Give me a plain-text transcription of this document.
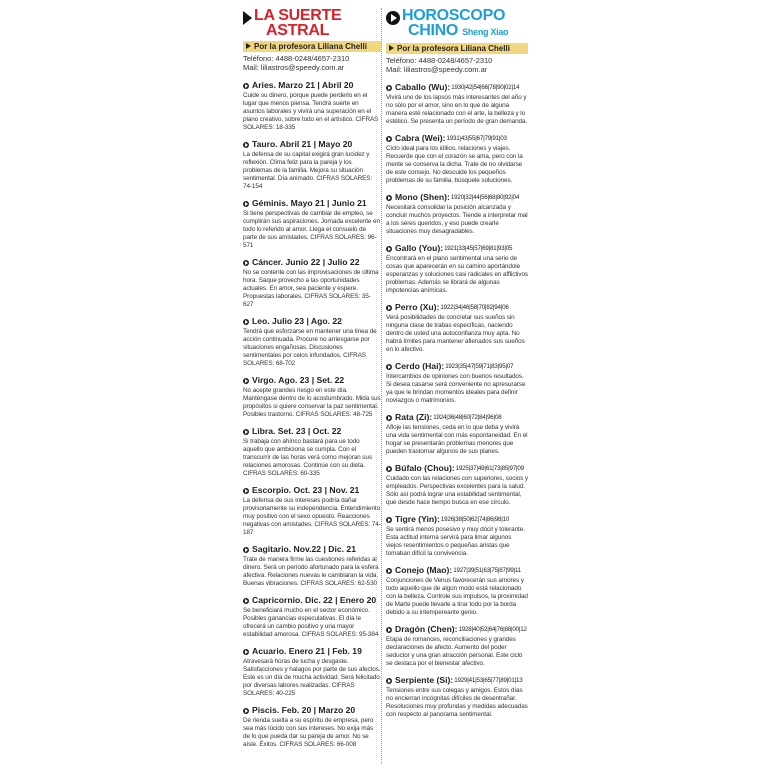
LA SUERTE
ASTRAL
Por la profesora Liliana Chelli
Teléfono: 4488-0248/4657-2310
Mail: liliastros@speedy.com.ar
Aries. Marzo 21 | Abril 20
Cuide su dinero, porque puede perderlo en el lugar que menos piensa. Tendrá suerte en asuntos laborales y vivirá una superación en el plano creativo, sobre todo en el artístico. CIFRAS SOLARES: 18-335
Tauro. Abril 21 | Mayo 20
La defensa de su capital exigirá gran lucidez y reflexión. Clima feliz para la pareja y los problemas de la familia. Mejora su situación sentimental. Día animado. CIFRAS SOLARES: 74-154
Géminis. Mayo 21 | Junio 21
Si tiene perspectivas de cambiar de empleo, se cumplirán sus aspiraciones. Jornada excelente en todo lo referido al amor. Llega el consuelo de parte de sus amistades. CIFRAS SOLARES: 96-571
Cáncer. Junio 22 | Julio 22
No se contente con las improvisaciones de última hora. Saque provecho a las oportunidades actuales. En amor, sea paciente y espere. Propuestas laborales. CIFRAS SOLARES: 35-627
Leo. Julio 23 | Ago. 22
Tendrá que esforzarse en mantener una línea de acción continuada. Procure no arriesgarse por situaciones engañosas. Discusiones sentimentales por celos infundados. CIFRAS SOLARES: 68-702
Virgo. Ago. 23 | Set. 22
No acepte grandes riesgo en este día. Manténgase dentro de lo acostumbrado. Mida sus propósitos si quiere conservar la paz sentimental. Posibles trastorno. CIFRAS SOLARES: 48-725
Libra. Set. 23 | Oct. 22
Si trabaja con ahínco bastará para ue todo aquello que ambiciona se cumpla. Con el transcurrir de las horas verá como mejoran sus relaciones amorosas. Continúe con su dieta. CIFRAS SOLARES: 60-335
Escorpio. Oct. 23 | Nov. 21
La defensa de sus intereses podría dañar provisoriamente su independencia. Entendimiento muy positivo con el sexo opuesto. Reacciones negativas con amistades. CIFRAS SOLARES: 74-187
Sagitario. Nov.22 | Dic. 21
Trate de manera firme las cuestiones referidas al dinero. Será un período afortunado para la esfera afectiva. Relaciones nuevas le cambiaran la vida. Buenas vibraciones. CIFRAS SOLARES: 62-530
Capricornio. Dic. 22 | Enero 20
Se beneficiará mucho en el sector económico. Posibles ganancias especulativas. El día le ofrecerá un cambio positivo y una mayor estabilidad amorosa. CIFRAS SOLARES: 95-384
Acuario. Enero 21 | Feb. 19
Atravesará horas de lucha y desgaste. Satisfacciones y halagos por parte de sus afectos. Este es un día de mucha actividad. Será felicitado por diversas labores realizadas. CIFRAS SOLARES: 40-225
Piscis. Feb. 20 | Marzo 20
Dé rienda suelta a su espíritu de empresa, pero sea más lúcido con sus intereses. No exija más de lo que pueda dar su pareja de amor. No se aísle. Éxitos. CIFRAS SOLARES: 66-008
HOROSCOPO
CHINO Sheng Xiao
Por la profesora Liliana Chelli
Teléfono: 4488-0248/4657-2310
Mail: liliastros@speedy.com.ar
Caballo (Wu): 1930|42|54|66|78|90|02|14
Vivirá uno de los lapsos más interesantes del año y no sólo por el amor, sino en lo que de alguna manera esté relacionado con el arte, la belleza y lo estético. Se presenta un período de gran demanda.
Cabra (Wei): 1931|43|55|67|79|91|03
Ciclo ideal para los idilios, relaciones y viajes. Recuerde que con el corazón se ama, pero con la mente se conserva la dicha. Trate de no olvidarse de este consejo. No descuide los pequeños problemas de su familia, búsquele soluciones.
Mono (Shen): 1920|32|44|56|68|80|92|04
Necesitará consolidar la posición alcanzada y concluir muchos proyectos. Tiende a interpretar mal a los seres queridos, y eso puede crearle situaciones muy desagradables.
Gallo (You): 1921|33|45|57|69|81|93|05
Encontrará en el plano sentimental una serie de cosas que aparecerán en su camino aportándole esperanzas y soluciones casi radicales en afflictivos problemas. Además se librará de algunas impotencias anímicas.
Perro (Xu): 1922|34|46|58|70|82|94|06
Verá posibilidades de concretar sus sueños sin ninguna clase de trabas específicas, naciendo dentro de usted una autoconfianza muy apta. No habrá límites para mantener afienados sus sueños en lo afectivo.
Cerdo (Hai): 1923|35|47|59|71|83|95|07
Intercambios de opiniones con buenos resultados. Si desea casarse será conveniente no apresurarse ya que le brindan momentos ideales para definir noviazgos o matrimonios.
Rata (Zi): 1924|36|48|60|72|84|96|08
Afloje las tensiones, ceda en lo que deba y vivirá una vida sentimental con más espontaneidad. En el hogar se presentarán problemas menores que pueden trastornar algunos de sus planes.
Búfalo (Chou): 1925|37|49|61|73|85|97|09
Cuidado con las relaciones con superiores, socios y empleados. Perspectivas excelentes para la salud. Sólo así podrá lograr una estabilidad sentimental, que desde hace tiempo busca en ese círculo.
Tigre (Yin): 1926|38|50|62|74|86|98|10
Se sentirá menos posesivo y muy dócil y tolerante. Esta actitud interna servirá para limar algunos viejos resentimientos o pequeñas aristas que tomaban difícil la convivencia.
Conejo (Mao): 1927|39|51|63|75|87|99|11
Conjunciones de Venus favorecerán sus amores y todo aquello que de algún modo está relacionado con la belleza. Controle sus impulsos, la proximidad de Marte puede llevarle a tirar todo por la borda debido a su intempereante genio.
Dragón (Chen): 1928|40|52|64|76|88|00|12
Etapa de romances, reconciliaciones y grandes declaraciones de afecto. Aumento del poder seductor y una gran atracción personal. Este ciclo se destaca por el bienestar afectivo.
Serpiente (Si): 1929|41|53|65|77|89|01|13
Tensiones entre sus colegas y amigos. Estos días no encierran incógnitas difíciles de desentrañar. Resoluciones muy profundas y medidas adecuadas con respecto al panorama sentimental.
